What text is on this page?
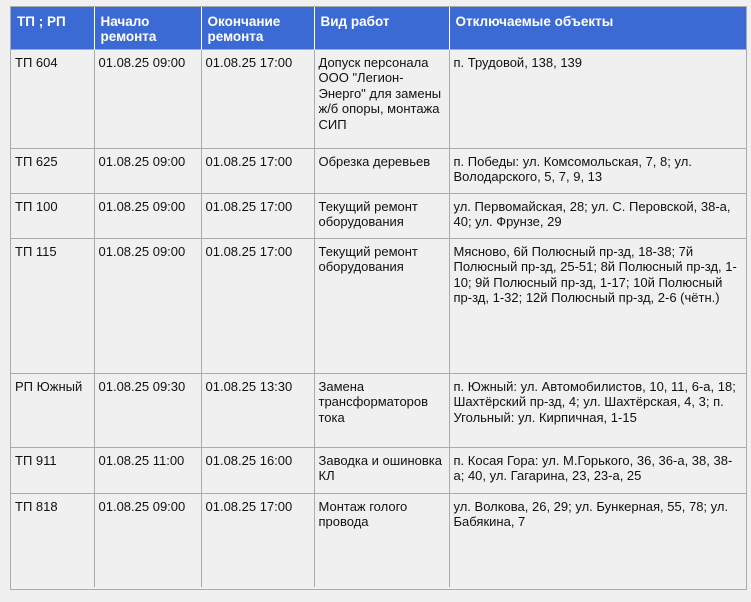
ТП ; РП	Начало ремонта	Окончание ремонта	Вид работ	Отключаемые объекты
ТП 604	01.08.25 09:00	01.08.25 17:00	Допуск персонала ООО "Легион-Энерго" для замены ж/б опоры, монтажа СИП	п. Трудовой, 138, 139
ТП 625	01.08.25 09:00	01.08.25 17:00	Обрезка деревьев	п. Победы: ул. Комсомольская, 7, 8; ул. Володарского, 5, 7, 9, 13
ТП 100	01.08.25 09:00	01.08.25 17:00	Текущий ремонт оборудования	ул. Первомайская, 28; ул. С. Перовской, 38-а, 40; ул. Фрунзе, 29
ТП 115	01.08.25 09:00	01.08.25 17:00	Текущий ремонт оборудования	Мясново, 6й Полюсный пр-зд, 18-38; 7й Полюсный пр-зд, 25-51; 8й Полюсный пр-зд, 1-10; 9й Полюсный пр-зд, 1-17; 10й Полюсный пр-зд, 1-32; 12й Полюсный пр-зд, 2-6 (чётн.)
РП Южный	01.08.25 09:30	01.08.25 13:30	Замена трансформаторов тока	п. Южный: ул. Автомобилистов, 10, 11, 6-а, 18; Шахтёрский пр-зд, 4; ул. Шахтёрская, 4, 3; п. Угольный: ул. Кирпичная, 1-15
ТП 911	01.08.25 11:00	01.08.25 16:00	Заводка и ошиновка КЛ	п. Косая Гора: ул. М.Горького, 36, 36-а, 38, 38-а; 40, ул. Гагарина, 23, 23-а, 25
ТП 818	01.08.25 09:00	01.08.25 17:00	Монтаж голого провода	ул. Волкова, 26, 29; ул. Бункерная, 55, 78; ул. Бабякина, 7
